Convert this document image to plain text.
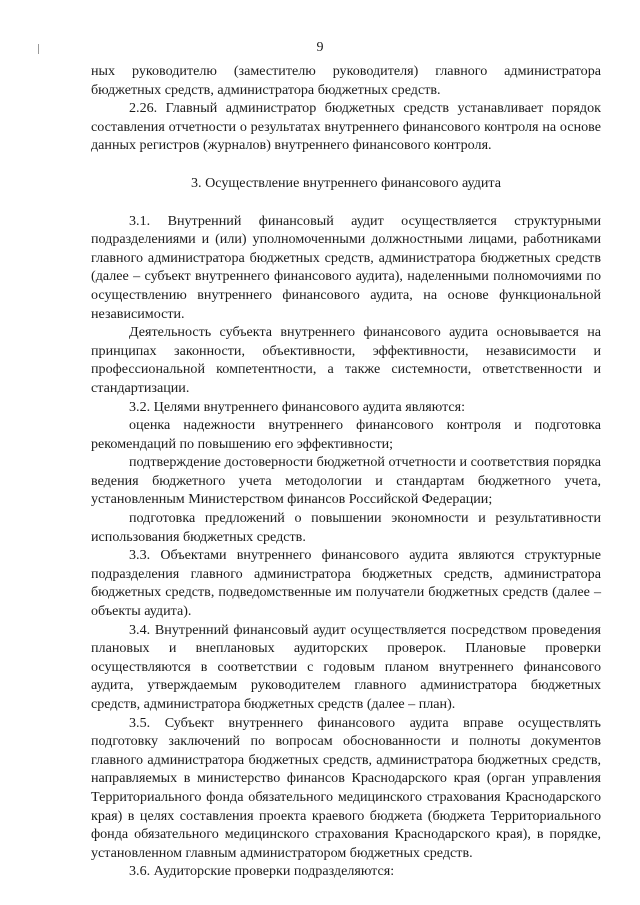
9

ных руководителю (заместителю руководителя) главного администратора бюджетных средств, администратора бюджетных средств.

2.26. Главный администратор бюджетных средств устанавливает порядок составления отчетности о результатах внутреннего финансового контроля на основе данных регистров (журналов) внутреннего финансового контроля.

3. Осуществление внутреннего финансового аудита

3.1. Внутренний финансовый аудит осуществляется структурными подразделениями и (или) уполномоченными должностными лицами, работниками главного администратора бюджетных средств, администратора бюджетных средств (далее – субъект внутреннего финансового аудита), наделенными полномочиями по осуществлению внутреннего финансового аудита, на основе функциональной независимости.

Деятельность субъекта внутреннего финансового аудита основывается на принципах законности, объективности, эффективности, независимости и профессиональной компетентности, а также системности, ответственности и стандартизации.

3.2. Целями внутреннего финансового аудита являются:

оценка надежности внутреннего финансового контроля и подготовка рекомендаций по повышению его эффективности;

подтверждение достоверности бюджетной отчетности и соответствия порядка ведения бюджетного учета методологии и стандартам бюджетного учета, установленным Министерством финансов Российской Федерации;

подготовка предложений о повышении экономности и результативности использования бюджетных средств.

3.3. Объектами внутреннего финансового аудита являются структурные подразделения главного администратора бюджетных средств, администратора бюджетных средств, подведомственные им получатели бюджетных средств (далее – объекты аудита).

3.4. Внутренний финансовый аудит осуществляется посредством проведения плановых и внеплановых аудиторских проверок. Плановые проверки осуществляются в соответствии с годовым планом внутреннего финансового аудита, утверждаемым руководителем главного администратора бюджетных средств, администратора бюджетных средств (далее – план).

3.5. Субъект внутреннего финансового аудита вправе осуществлять подготовку заключений по вопросам обоснованности и полноты документов главного администратора бюджетных средств, администратора бюджетных средств, направляемых в министерство финансов Краснодарского края (орган управления Территориального фонда обязательного медицинского страхования Краснодарского края) в целях составления проекта краевого бюджета (бюджета Территориального фонда обязательного медицинского страхования Краснодарского края), в порядке, установленном главным администратором бюджетных средств.

3.6. Аудиторские проверки подразделяются:
